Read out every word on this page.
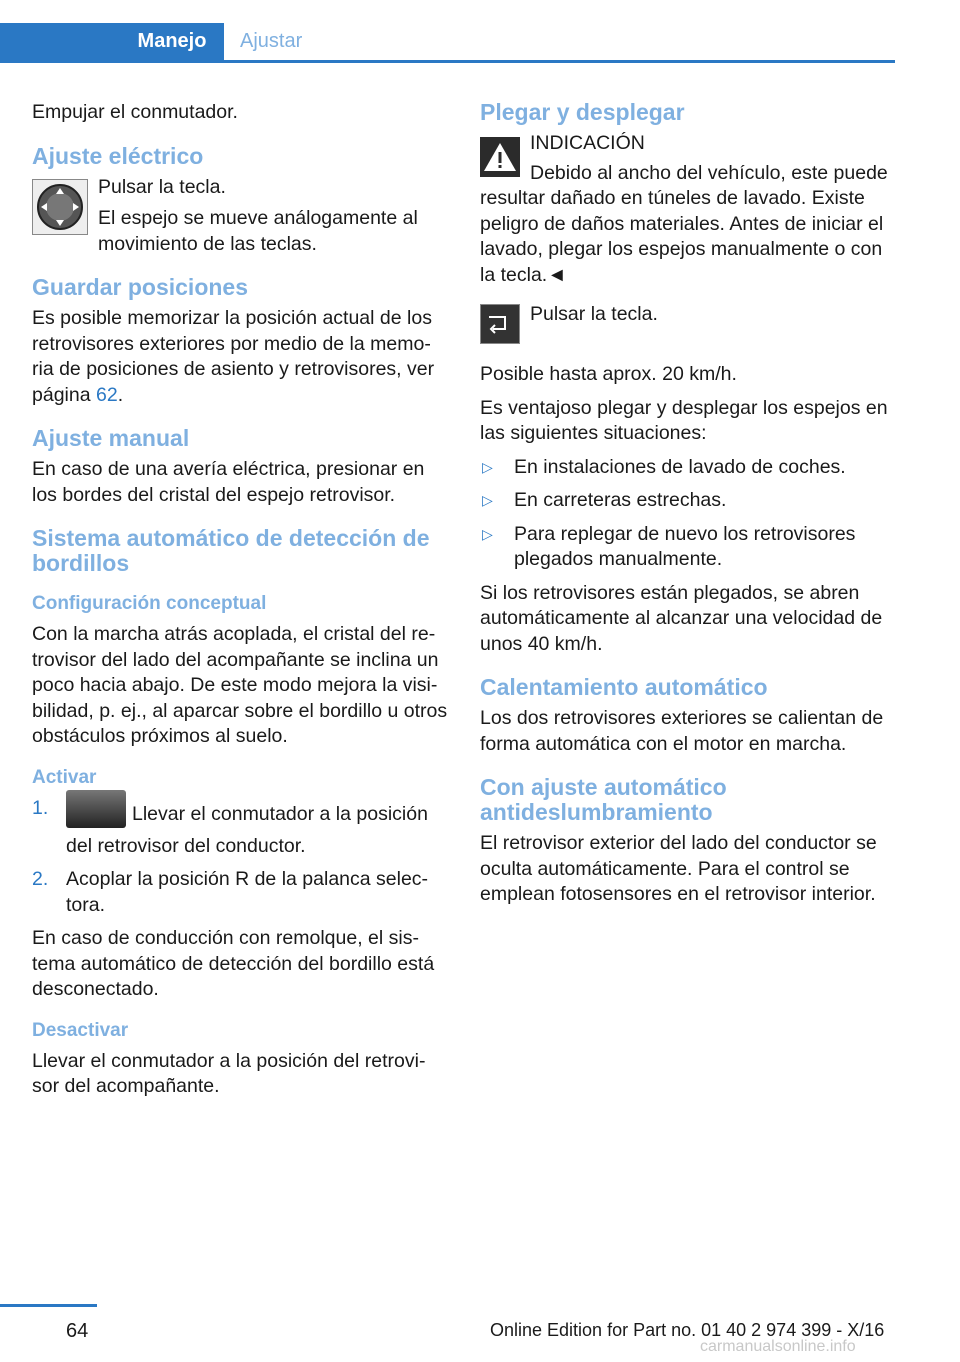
Manejo	Ajustar

Empujar el conmutador.

Ajuste eléctrico

Pulsar la tecla.

El espejo se mueve análogamente al movimiento de las teclas.

Guardar posiciones

Es posible memorizar la posición actual de los retrovisores exteriores por medio de la memo-ria de posiciones de asiento y retrovisores, ver página 62.

Ajuste manual

En caso de una avería eléctrica, presionar en los bordes del cristal del espejo retrovisor.

Sistema automático de detección de bordillos
Configuración conceptual

Con la marcha atrás acoplada, el cristal del re-trovisor del lado del acompañante se inclina un poco hacia abajo. De este modo mejora la visi-bilidad, p. ej., al aparcar sobre el bordillo u otros obstáculos próximos al suelo.

Activar
1.	Llevar el conmutador a la posición del retrovisor del conductor.
2. Acoplar la posición R de la palanca selec-tora.

En caso de conducción con remolque, el sis-tema automático de detección del bordillo está desconectado.

Desactivar

Llevar el conmutador a la posición del retrovi-sor del acompañante.

Plegar y desplegar

INDICACIÓN

Debido al ancho del vehículo, este puede resultar dañado en túneles de lavado. Existe peligro de daños materiales. Antes de iniciar el lavado, plegar los espejos manualmente o con la tecla.◄

Pulsar la tecla.

Posible hasta aprox. 20 km/h.

Es ventajoso plegar y desplegar los espejos en las siguientes situaciones:

▷ En instalaciones de lavado de coches.
▷ En carreteras estrechas.
▷ Para replegar de nuevo los retrovisores plegados manualmente.

Si los retrovisores están plegados, se abren automáticamente al alcanzar una velocidad de unos 40 km/h.

Calentamiento automático

Los dos retrovisores exteriores se calientan de forma automática con el motor en marcha.

Con ajuste automático antideslumbramiento

El retrovisor exterior del lado del conductor se oculta automáticamente. Para el control se emplean fotosensores en el retrovisor interior.

64	Online Edition for Part no. 01 40 2 974 399 - X/16
carmanualsonline.info
